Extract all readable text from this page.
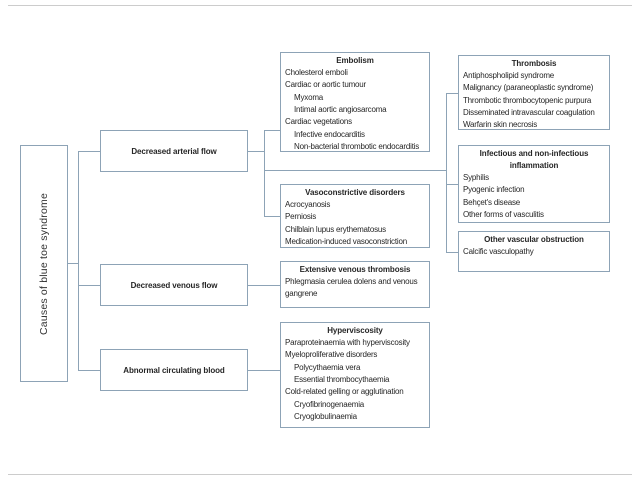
Causes of blue toe syndrome
Decreased arterial flow
Decreased venous flow
Abnormal circulating blood
Embolism
Cholesterol emboli
Cardiac or aortic tumour
Myxoma
Intimal aortic angiosarcoma
Cardiac vegetations
Infective endocarditis
Non-bacterial thrombotic endocarditis
Vasoconstrictive disorders
Acrocyanosis
Perniosis
Chilblain lupus erythematosus
Medication-induced vasoconstriction
Extensive venous thrombosis
Phlegmasia cerulea dolens and venous gangrene
Hyperviscosity
Paraproteinaemia with hyperviscosity
Myeloproliferative disorders
Polycythaemia vera
Essential thrombocythaemia
Cold-related gelling or agglutination
Cryofibrinogenaemia
Cryoglobulinaemia
Thrombosis
Antiphospholipid syndrome
Malignancy (paraneoplastic syndrome)
Thrombotic thrombocytopenic purpura
Disseminated intravascular coagulation
Warfarin skin necrosis
Infectious and non-infectious inflammation
Syphilis
Pyogenic infection
Behçet's disease
Other forms of vasculitis
Other vascular obstruction
Calcific vasculopathy
